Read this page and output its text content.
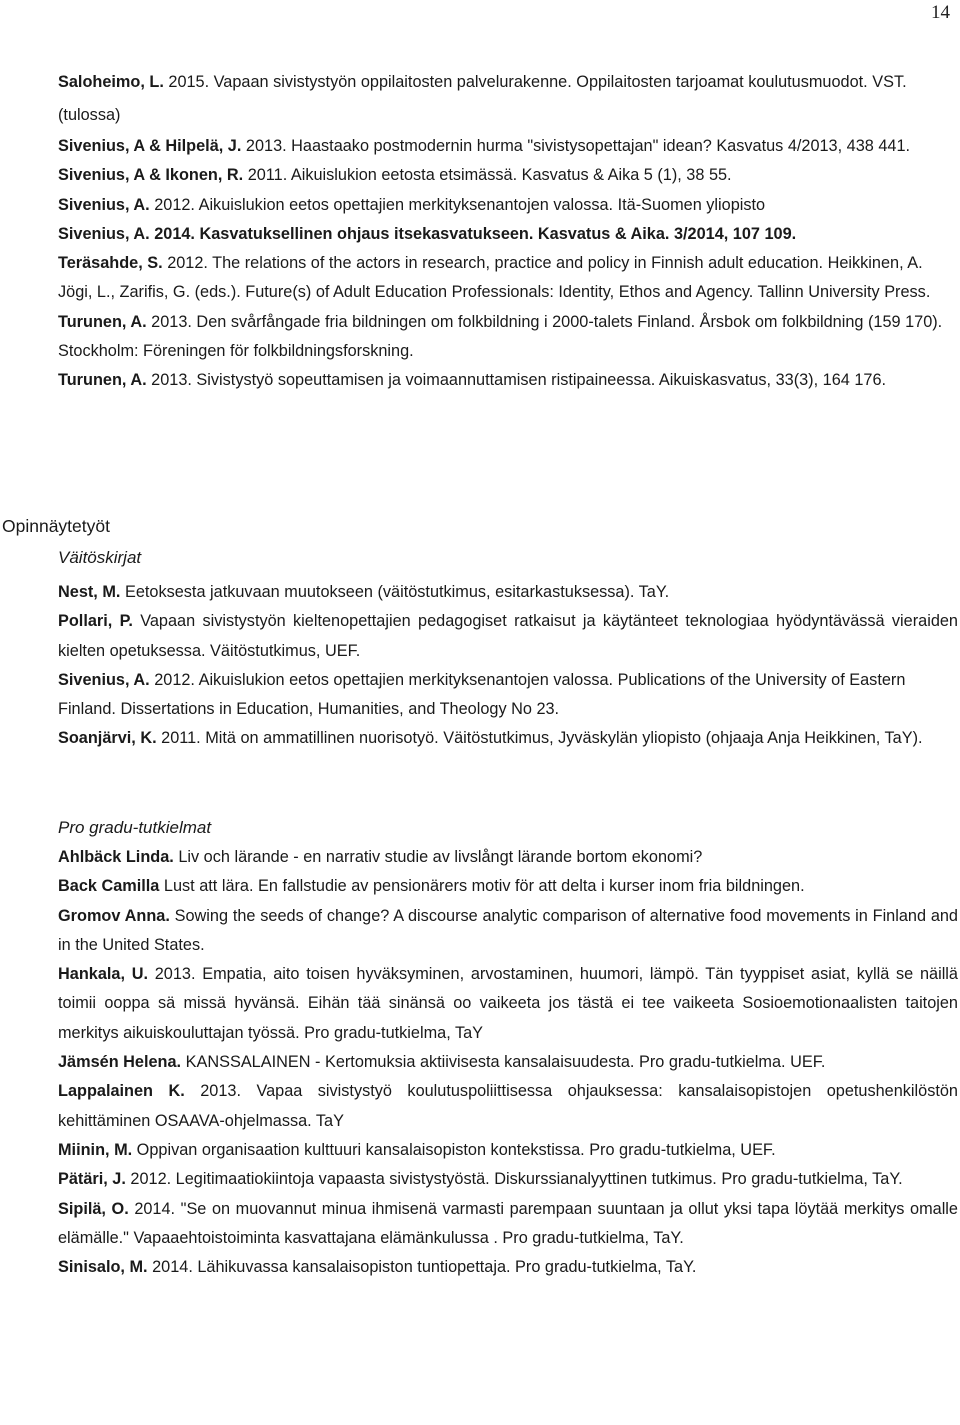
14
Saloheimo, L. 2015. Vapaan sivistystyön oppilaitosten palvelurakenne. Oppilaitosten tarjoamat koulutusmuodot. VST. (tulossa)
Sivenius, A & Hilpelä, J. 2013. Haastaako postmodernin hurma "sivistysopettajan" idean? Kasvatus 4/2013, 438 441.
Sivenius, A & Ikonen, R. 2011. Aikuislukion eetosta etsimässä. Kasvatus & Aika 5 (1), 38 55.
Sivenius, A. 2012. Aikuislukion eetos opettajien merkityksenantojen valossa. Itä-Suomen yliopisto
Sivenius, A. 2014. Kasvatuksellinen ohjaus itsekasvatukseen. Kasvatus & Aika. 3/2014, 107 109.
Teräsahde, S. 2012. The relations of the actors in research, practice and policy in Finnish adult education. Heikkinen, A. Jögi, L., Zarifis, G. (eds.). Future(s) of Adult Education Professionals: Identity, Ethos and Agency. Tallinn University Press.
Turunen, A. 2013. Den svårfångade fria bildningen om folkbildning i 2000-talets Finland. Årsbok om folkbildning (159 170). Stockholm: Föreningen för folkbildningsforskning.
Turunen, A. 2013. Sivistystyö sopeuttamisen ja voimaannuttamisen ristipaineessa. Aikuiskasvatus, 33(3), 164 176.
Opinnäytetyöt
Väitöskirjat
Nest, M. Eetoksesta jatkuvaan muutokseen (väitöstutkimus, esitarkastuksessa). TaY.
Pollari, P. Vapaan sivistystyön kieltenopettajien pedagogiset ratkaisut ja käytänteet teknologiaa hyödyntävässä vieraiden kielten opetuksessa. Väitöstutkimus, UEF.
Sivenius, A. 2012. Aikuislukion eetos opettajien merkityksenantojen valossa. Publications of the University of Eastern Finland. Dissertations in Education, Humanities, and Theology No 23.
Soanjärvi, K. 2011. Mitä on ammatillinen nuorisotyö. Väitöstutkimus, Jyväskylän yliopisto (ohjaaja Anja Heikkinen, TaY).
Pro gradu-tutkielmat
Ahlbäck Linda. Liv och lärande - en narrativ studie av livslångt lärande bortom ekonomi?
Back Camilla Lust att lära. En fallstudie av pensionärers motiv för att delta i kurser inom fria bildningen.
Gromov Anna. Sowing the seeds of change? A discourse analytic comparison of alternative food movements in Finland and in the United States.
Hankala, U. 2013. Empatia, aito toisen hyväksyminen, arvostaminen, huumori, lämpö. Tän tyyppiset asiat, kyllä se näillä toimii ooppa sä missä hyvänsä. Eihän tää sinänsä oo vaikeeta jos tästä ei tee vaikeeta Sosioemotionaalisten taitojen merkitys aikuiskouluttajan työssä. Pro gradu-tutkielma, TaY
Jämsén Helena. KANSSALAINEN - Kertomuksia aktiivisesta kansalaisuudesta. Pro gradu-tutkielma. UEF.
Lappalainen K. 2013. Vapaa sivistystyö koulutuspoliittisessa ohjauksessa: kansalaisopistojen opetushenkilöstön kehittäminen OSAAVA-ohjelmassa. TaY
Miinin, M. Oppivan organisaation kulttuuri kansalaisopiston kontekstissa. Pro gradu-tutkielma, UEF.
Pätäri, J. 2012. Legitimaatiokiintoja vapaasta sivistystyöstä. Diskurssianalyyttinen tutkimus. Pro gradu-tutkielma, TaY.
Sipilä, O. 2014. "Se on muovannut minua ihmisenä varmasti parempaan suuntaan ja ollut yksi tapa löytää merkitys omalle elämälle." Vapaaehtoistoiminta kasvattajana elämänkulussa . Pro gradu-tutkielma, TaY.
Sinisalo, M. 2014. Lähikuvassa kansalaisopiston tuntiopettaja. Pro gradu-tutkielma, TaY.
